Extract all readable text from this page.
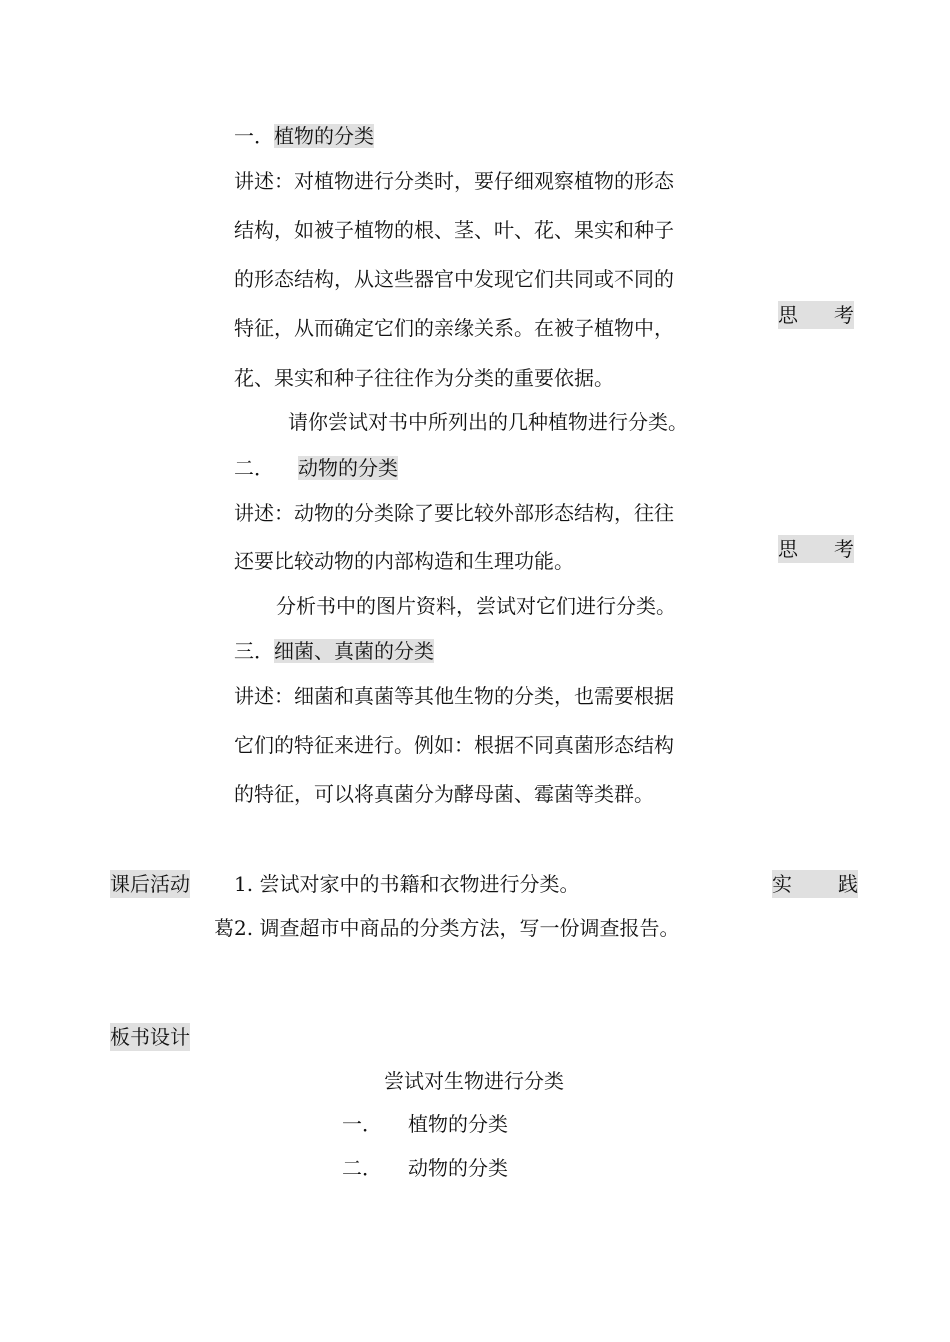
一．植物的分类
讲述：对植物进行分类时，要仔细观察植物的形态
结构，如被子植物的根、茎、叶、花、果实和种子
的形态结构，从这些器官中发现它们共同或不同的
特征，从而确定它们的亲缘关系。在被子植物中，
花、果实和种子往往作为分类的重要依据。
请你尝试对书中所列出的几种植物进行分类。
思 考
二． 动物的分类
讲述：动物的分类除了要比较外部形态结构，往往
还要比较动物的内部构造和生理功能。
分析书中的图片资料，尝试对它们进行分类。
思 考
三．细菌、真菌的分类
讲述：细菌和真菌等其他生物的分类，也需要根据
它们的特征来进行。例如：根据不同真菌形态结构
的特征，可以将真菌分为酵母菌、霉菌等类群。
课后活动 1. 尝试对家中的书籍和衣物进行分类。
葛2. 调查超市中商品的分类方法，写一份调查报告。
实 践
板书设计
尝试对生物进行分类
一． 植物的分类
二． 动物的分类
